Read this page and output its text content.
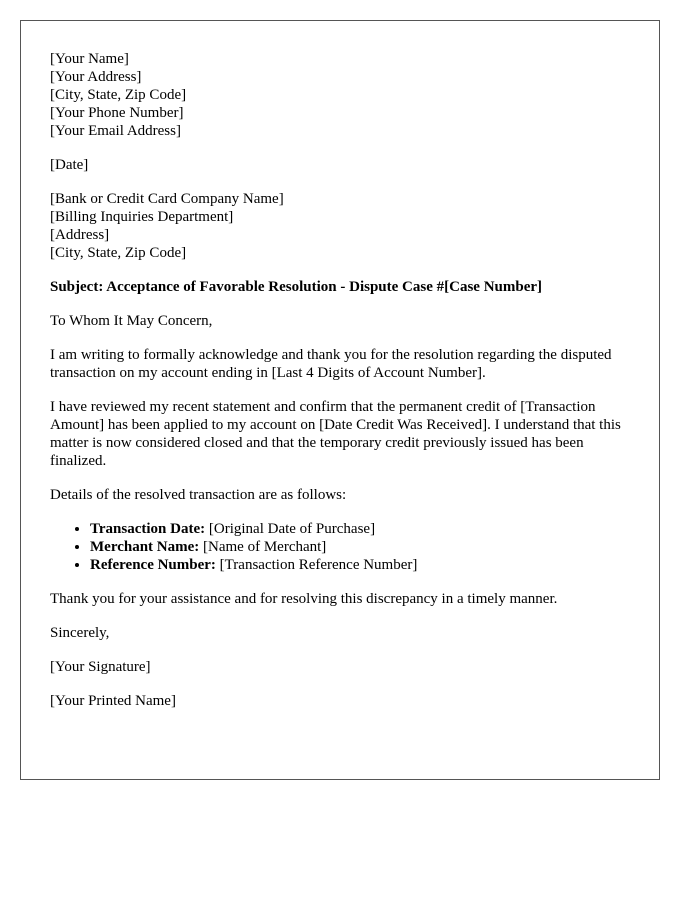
[Your Name]
[Your Address]
[City, State, Zip Code]
[Your Phone Number]
[Your Email Address]
[Date]
[Bank or Credit Card Company Name]
[Billing Inquiries Department]
[Address]
[City, State, Zip Code]

Subject: Acceptance of Favorable Resolution - Dispute Case #[Case Number]

To Whom It May Concern,

I am writing to formally acknowledge and thank you for the resolution regarding the disputed transaction on my account ending in [Last 4 Digits of Account Number].

I have reviewed my recent statement and confirm that the permanent credit of [Transaction Amount] has been applied to my account on [Date Credit Was Received]. I understand that this matter is now considered closed and that the temporary credit previously issued has been finalized.

Details of the resolved transaction are as follows:

• Transaction Date: [Original Date of Purchase]
• Merchant Name: [Name of Merchant]
• Reference Number: [Transaction Reference Number]

Thank you for your assistance and for resolving this discrepancy in a timely manner.

Sincerely,

[Your Signature]

[Your Printed Name]
